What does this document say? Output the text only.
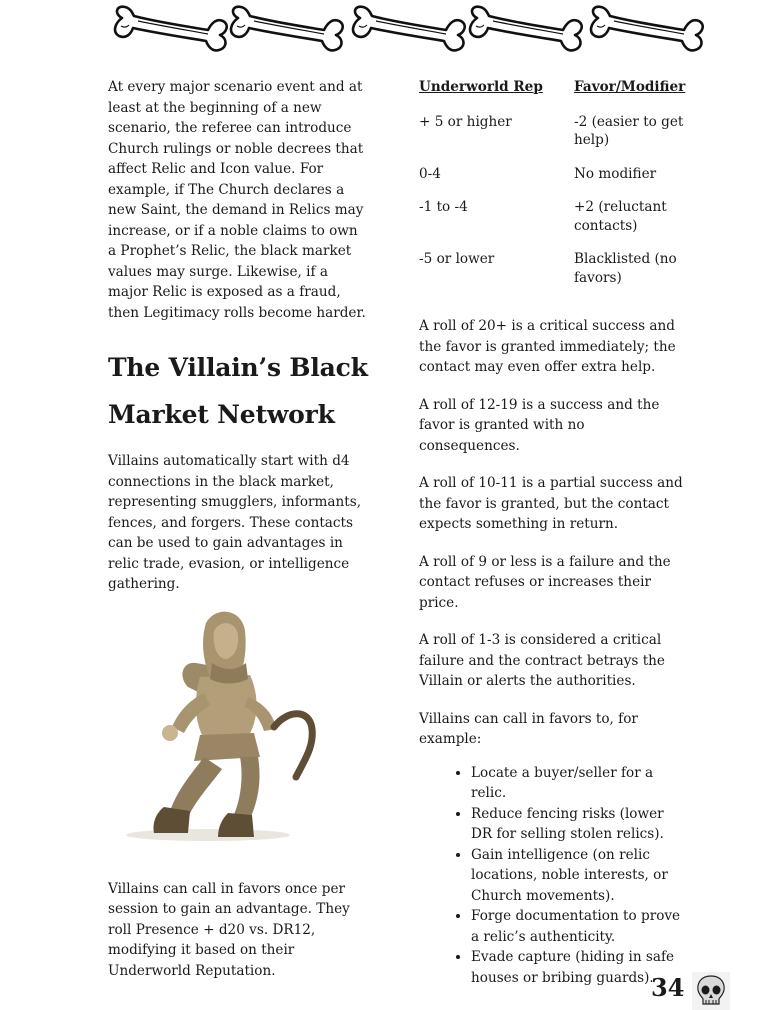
At every major scenario event and at least at the beginning of a new scenario, the referee can introduce Church rulings or noble decrees that affect Relic and Icon value. For example, if The Church declares a new Saint, the demand in Relics may increase, or if a noble claims to own a Prophet’s Relic, the black market values may surge. Likewise, if a major Relic is exposed as a fraud, then Legitimacy rolls become harder.

The Villain’s Black
Market Network

Villains automatically start with d4 connections in the black market, representing smugglers, informants, fences, and forgers. These contacts can be used to gain advantages in relic trade, evasion, or intelligence gathering.

Villains can call in favors once per session to gain an advantage. They roll Presence + d20 vs. DR12, modifying it based on their Underworld Reputation.

Underworld Rep	Favor/Modifier
+ 5 or higher	-2 (easier to get help)
0-4	No modifier
-1 to -4	+2 (reluctant contacts)
-5 or lower	Blacklisted (no favors)

A roll of 20+ is a critical success and the favor is granted immediately; the contact may even offer extra help.

A roll of 12-19 is a success and the favor is granted with no consequences.

A roll of 10-11 is a partial success and the favor is granted, but the contact expects something in return.

A roll of 9 or less is a failure and the contact refuses or increases their price.

A roll of 1-3 is considered a critical failure and the contract betrays the Villain or alerts the authorities.

Villains can call in favors to, for example:

• Locate a buyer/seller for a relic.
• Reduce fencing risks (lower DR for selling stolen relics).
• Gain intelligence (on relic locations, noble interests, or Church movements).
• Forge documentation to prove a relic’s authenticity.
• Evade capture (hiding in safe houses or bribing guards).
34
